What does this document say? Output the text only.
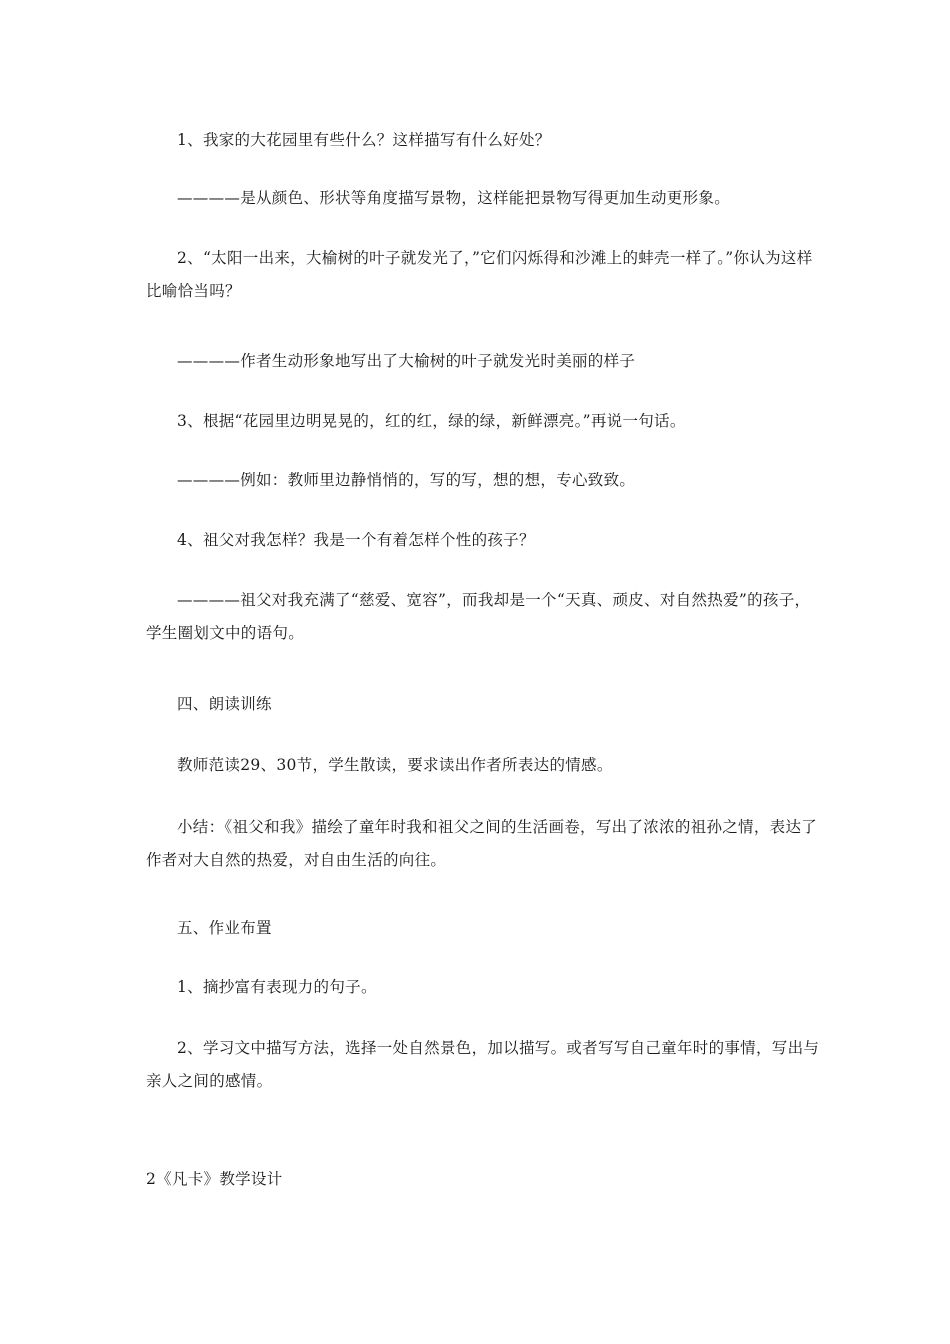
1、我家的大花园里有些什么？这样描写有什么好处？

————是从颜色、形状等角度描写景物，这样能把景物写得更加生动更形象。

2、“太阳一出来，大榆树的叶子就发光了，”它们闪烁得和沙滩上的蚌壳一样了。”你认为这样比喻恰当吗？

————作者生动形象地写出了大榆树的叶子就发光时美丽的样子

3、根据“花园里边明晃晃的，红的红，绿的绿，新鲜漂亮。”再说一句话。

————例如：教师里边静悄悄的，写的写，想的想，专心致致。

4、祖父对我怎样？我是一个有着怎样个性的孩子？

————祖父对我充满了“慈爱、宽容”，而我却是一个“天真、顽皮、对自然热爱”的孩子，学生圈划文中的语句。

四、朗读训练

教师范读29、30节，学生散读，要求读出作者所表达的情感。

小结：《祖父和我》描绘了童年时我和祖父之间的生活画卷，写出了浓浓的祖孙之情，表达了作者对大自然的热爱，对自由生活的向往。

五、作业布置

1、摘抄富有表现力的句子。

2、学习文中描写方法，选择一处自然景色，加以描写。或者写写自己童年时的事情，写出与亲人之间的感情。

2《凡卡》教学设计
